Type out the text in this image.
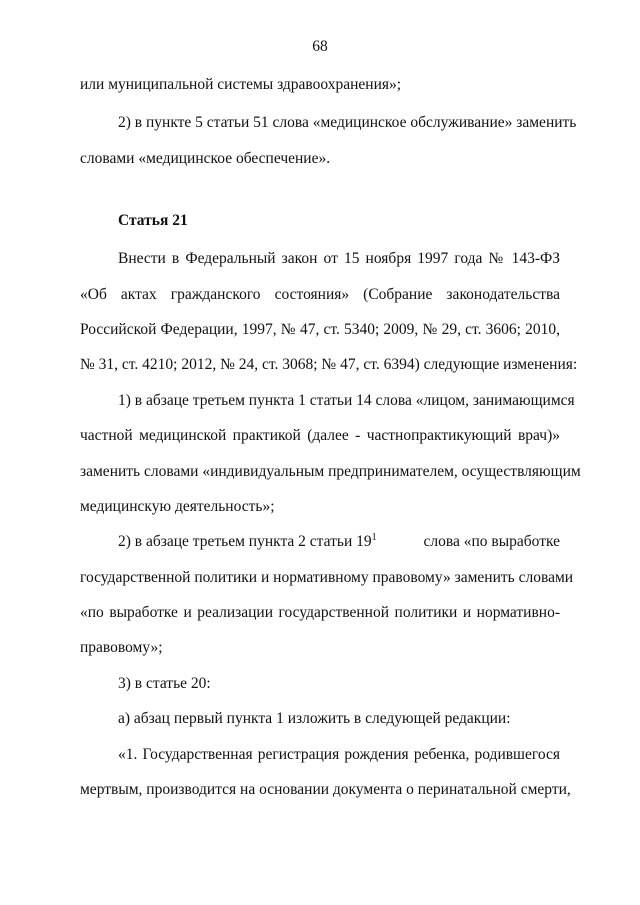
68
или муниципальной системы здравоохранения»;
2) в пункте 5 статьи 51 слова «медицинское обслуживание» заменить
словами «медицинское обеспечение».
Статья 21
Внести в Федеральный закон от 15 ноября 1997 года № 143-ФЗ
«Об актах гражданского состояния» (Собрание законодательства
Российской Федерации, 1997, № 47, ст. 5340; 2009, № 29, ст. 3606; 2010,
№ 31, ст. 4210; 2012, № 24, ст. 3068; № 47, ст. 6394) следующие изменения:
1) в абзаце третьем пункта 1 статьи 14 слова «лицом, занимающимся
частной медицинской практикой (далее - частнопрактикующий врач)»
заменить словами «индивидуальным предпринимателем, осуществляющим
медицинскую деятельность»;
2) в абзаце третьем пункта 2 статьи $19^1$	слова «по выработке
государственной политики и нормативному правовому» заменить словами
«по выработке и реализации государственной политики и нормативно-
правовому»;
3) в статье 20:
а) абзац первый пункта 1 изложить в следующей редакции:
«1. Государственная регистрация рождения ребенка, родившегося
мертвым, производится на основании документа о перинатальной смерти,
